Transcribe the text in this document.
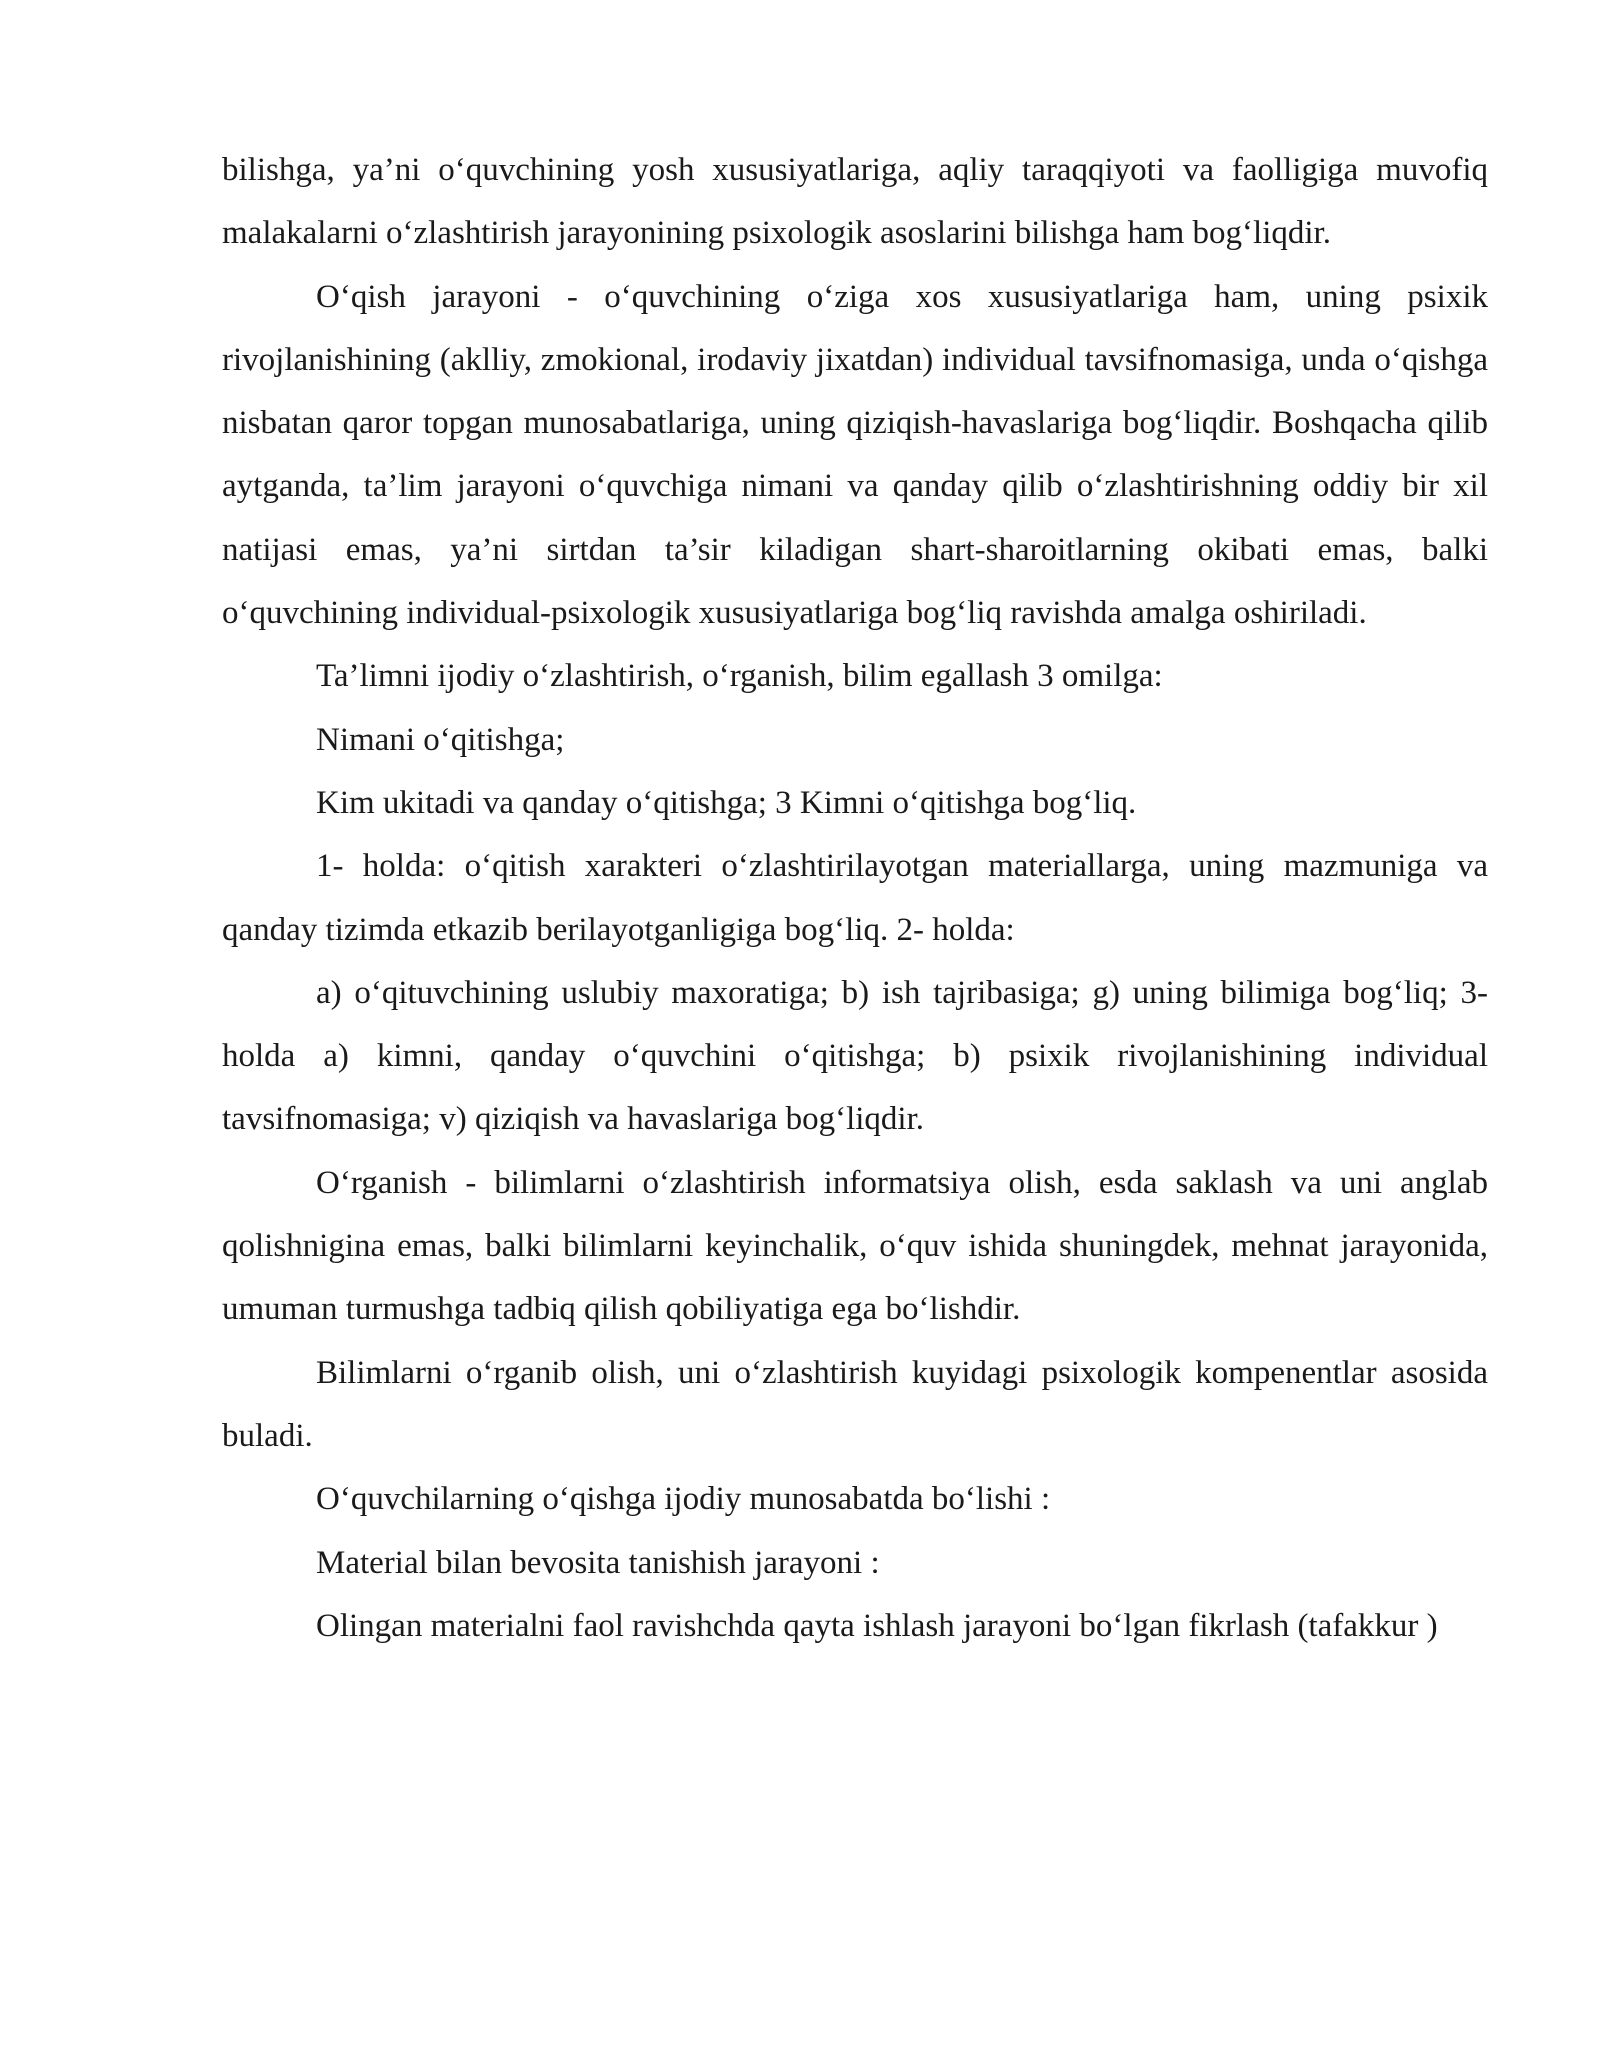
bilishga, ya’ni o‘quvchining yosh xususiyatlariga, aqliy taraqqiyoti va faolligiga muvofiq malakalarni o‘zlashtirish jarayonining psixologik asoslarini bilishga ham bog‘liqdir.

O‘qish jarayoni - o‘quvchining o‘ziga xos xususiyatlariga ham, uning psixik rivojlanishining (aklliy, zmokional, irodaviy jixatdan) individual tavsifnomasiga, unda o‘qishga nisbatan qaror topgan munosabatlariga, uning qiziqish-havaslariga bog‘liqdir. Boshqacha qilib aytganda, ta’lim jarayoni o‘quvchiga nimani va qanday qilib o‘zlashtirishning oddiy bir xil natijasi emas, ya’ni sirtdan ta’sir kiladigan shart-sharoitlarning okibati emas, balki o‘quvchining individual-psixologik xususiyatlariga bog‘liq ravishda amalga oshiriladi.

Ta’limni ijodiy o‘zlashtirish, o‘rganish, bilim egallash 3 omilga:

Nimani o‘qitishga;

Kim ukitadi va qanday o‘qitishga; 3 Kimni o‘qitishga bog‘liq.

1- holda: o‘qitish xarakteri o‘zlashtirilayotgan materiallarga, uning mazmuniga va qanday tizimda etkazib berilayotganligiga bog‘liq. 2- holda:

a) o‘qituvchining uslubiy maxoratiga; b) ish tajribasiga; g) uning bilimiga bog‘liq; 3- holda a) kimni, qanday o‘quvchini o‘qitishga; b) psixik rivojlanishining individual tavsifnomasiga; v) qiziqish va havaslariga bog‘liqdir.

O‘rganish - bilimlarni o‘zlashtirish informatsiya olish, esda saklash va uni anglab qolishnigina emas, balki bilimlarni keyinchalik, o‘quv ishida shuningdek, mehnat jarayonida, umuman turmushga tadbiq qilish qobiliyatiga ega bo‘lishdir.

Bilimlarni o‘rganib olish, uni o‘zlashtirish kuyidagi psixologik kompenentlar asosida buladi.

O‘quvchilarning o‘qishga ijodiy munosabatda bo‘lishi :

Material bilan bevosita tanishish jarayoni :

Olingan materialni faol ravishchda qayta ishlash jarayoni bo‘lgan fikrlash (tafakkur )
